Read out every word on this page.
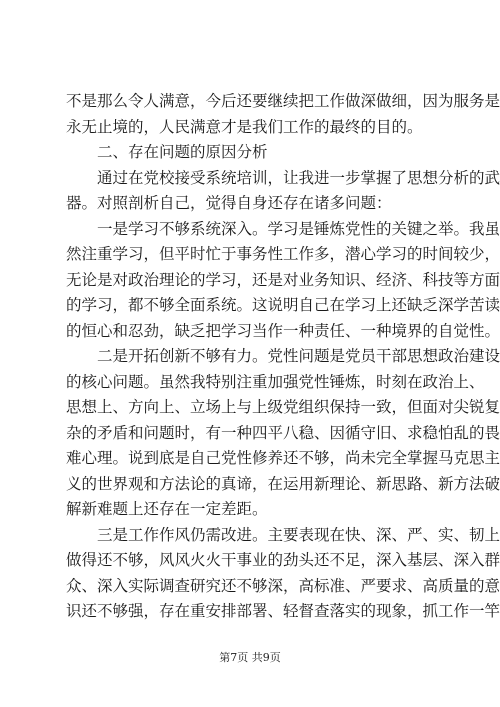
不是那么令人满意，今后还要继续把工作做深做细，因为服务是
永无止境的，人民满意才是我们工作的最终的目的。
二、存在问题的原因分析
通过在党校接受系统培训，让我进一步掌握了思想分析的武
器。对照剖析自己，觉得自身还存在诸多问题：
一是学习不够系统深入。学习是锤炼党性的关键之举。我虽
然注重学习，但平时忙于事务性工作多，潜心学习的时间较少，
无论是对政治理论的学习，还是对业务知识、经济、科技等方面
的学习，都不够全面系统。这说明自己在学习上还缺乏深学苦读
的恒心和忍劲，缺乏把学习当作一种责任、一种境界的自觉性。
二是开拓创新不够有力。党性问题是党员干部思想政治建设
的核心问题。虽然我特别注重加强党性锤炼，时刻在政治上、
思想上、方向上、立场上与上级党组织保持一致，但面对尖锐复
杂的矛盾和问题时，有一种四平八稳、因循守旧、求稳怕乱的畏
难心理。说到底是自己党性修养还不够，尚未完全掌握马克思主
义的世界观和方法论的真谛，在运用新理论、新思路、新方法破
解新难题上还存在一定差距。
三是工作作风仍需改进。主要表现在快、深、严、实、韧上
做得还不够，风风火火干事业的劲头还不足，深入基层、深入群
众、深入实际调查研究还不够深，高标准、严要求、高质量的意
识还不够强，存在重安排部署、轻督查落实的现象，抓工作一竿
第7页 共9页
